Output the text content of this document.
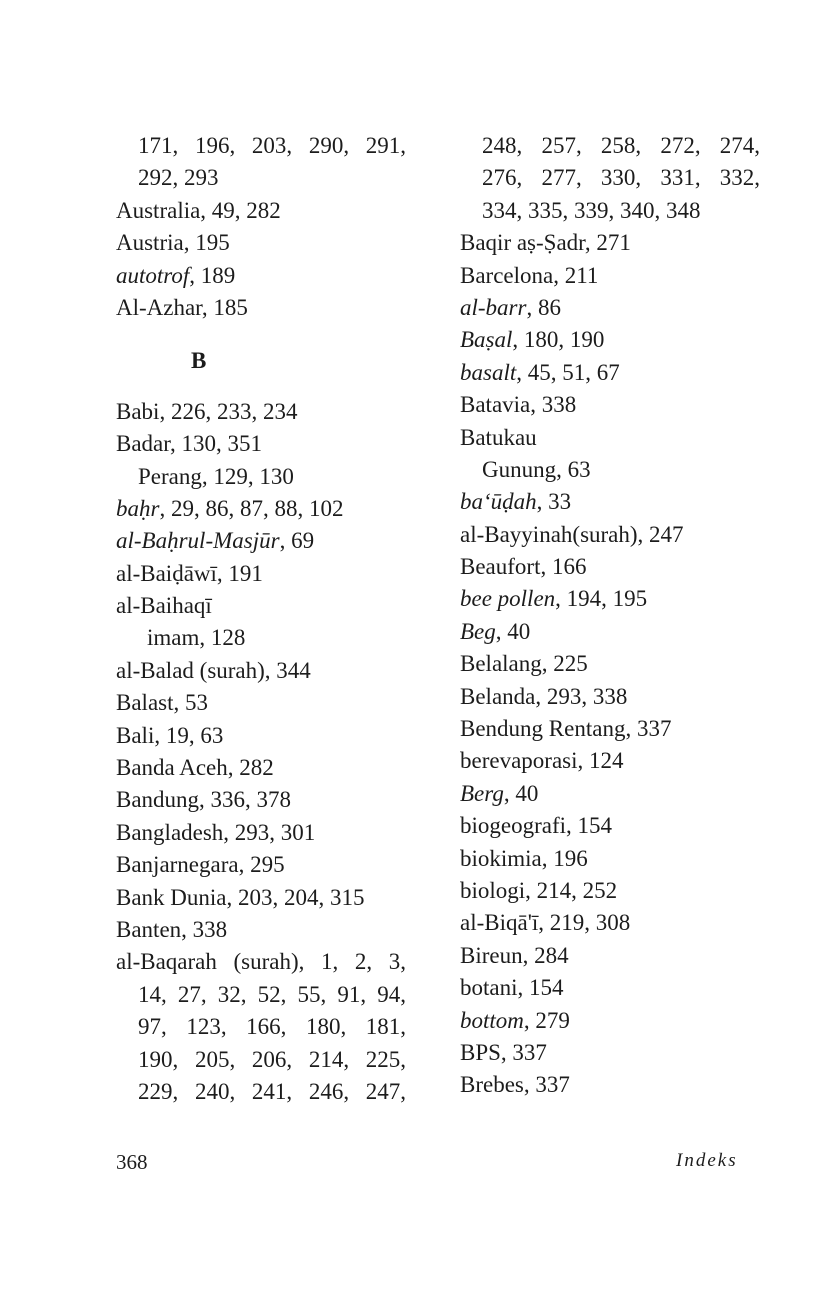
171, 196, 203, 290, 291,
292, 293
Australia, 49, 282
Austria, 195
autotrof, 189
Al-Azhar, 185
B
Babi, 226, 233, 234
Badar, 130, 351
Perang, 129, 130
baḥr, 29, 86, 87, 88, 102
al-Baḥrul-Masjūr, 69
al-Baiḍāwī, 191
al-Baihaqī
imam, 128
al-Balad (surah), 344
Balast, 53
Bali, 19, 63
Banda Aceh, 282
Bandung, 336, 378
Bangladesh, 293, 301
Banjarnegara, 295
Bank Dunia, 203, 204, 315
Banten, 338
al-Baqarah (surah), 1, 2, 3,
14, 27, 32, 52, 55, 91, 94,
97, 123, 166, 180, 181,
190, 205, 206, 214, 225,
229, 240, 241, 246, 247,
248, 257, 258, 272, 274,
276, 277, 330, 331, 332,
334, 335, 339, 340, 348
Baqir aṣ-Ṣadr, 271
Barcelona, 211
al-barr, 86
Baṣal, 180, 190
basalt, 45, 51, 67
Batavia, 338
Batukau
Gunung, 63
ba‘ūḍah, 33
al-Bayyinah(surah), 247
Beaufort, 166
bee pollen, 194, 195
Beg, 40
Belalang, 225
Belanda, 293, 338
Bendung Rentang, 337
berevaporasi, 124
Berg, 40
biogeografi, 154
biokimia, 196
biologi, 214, 252
al-Biqā'ī, 219, 308
Bireun, 284
botani, 154
bottom, 279
BPS, 337
Brebes, 337
368	Indeks
